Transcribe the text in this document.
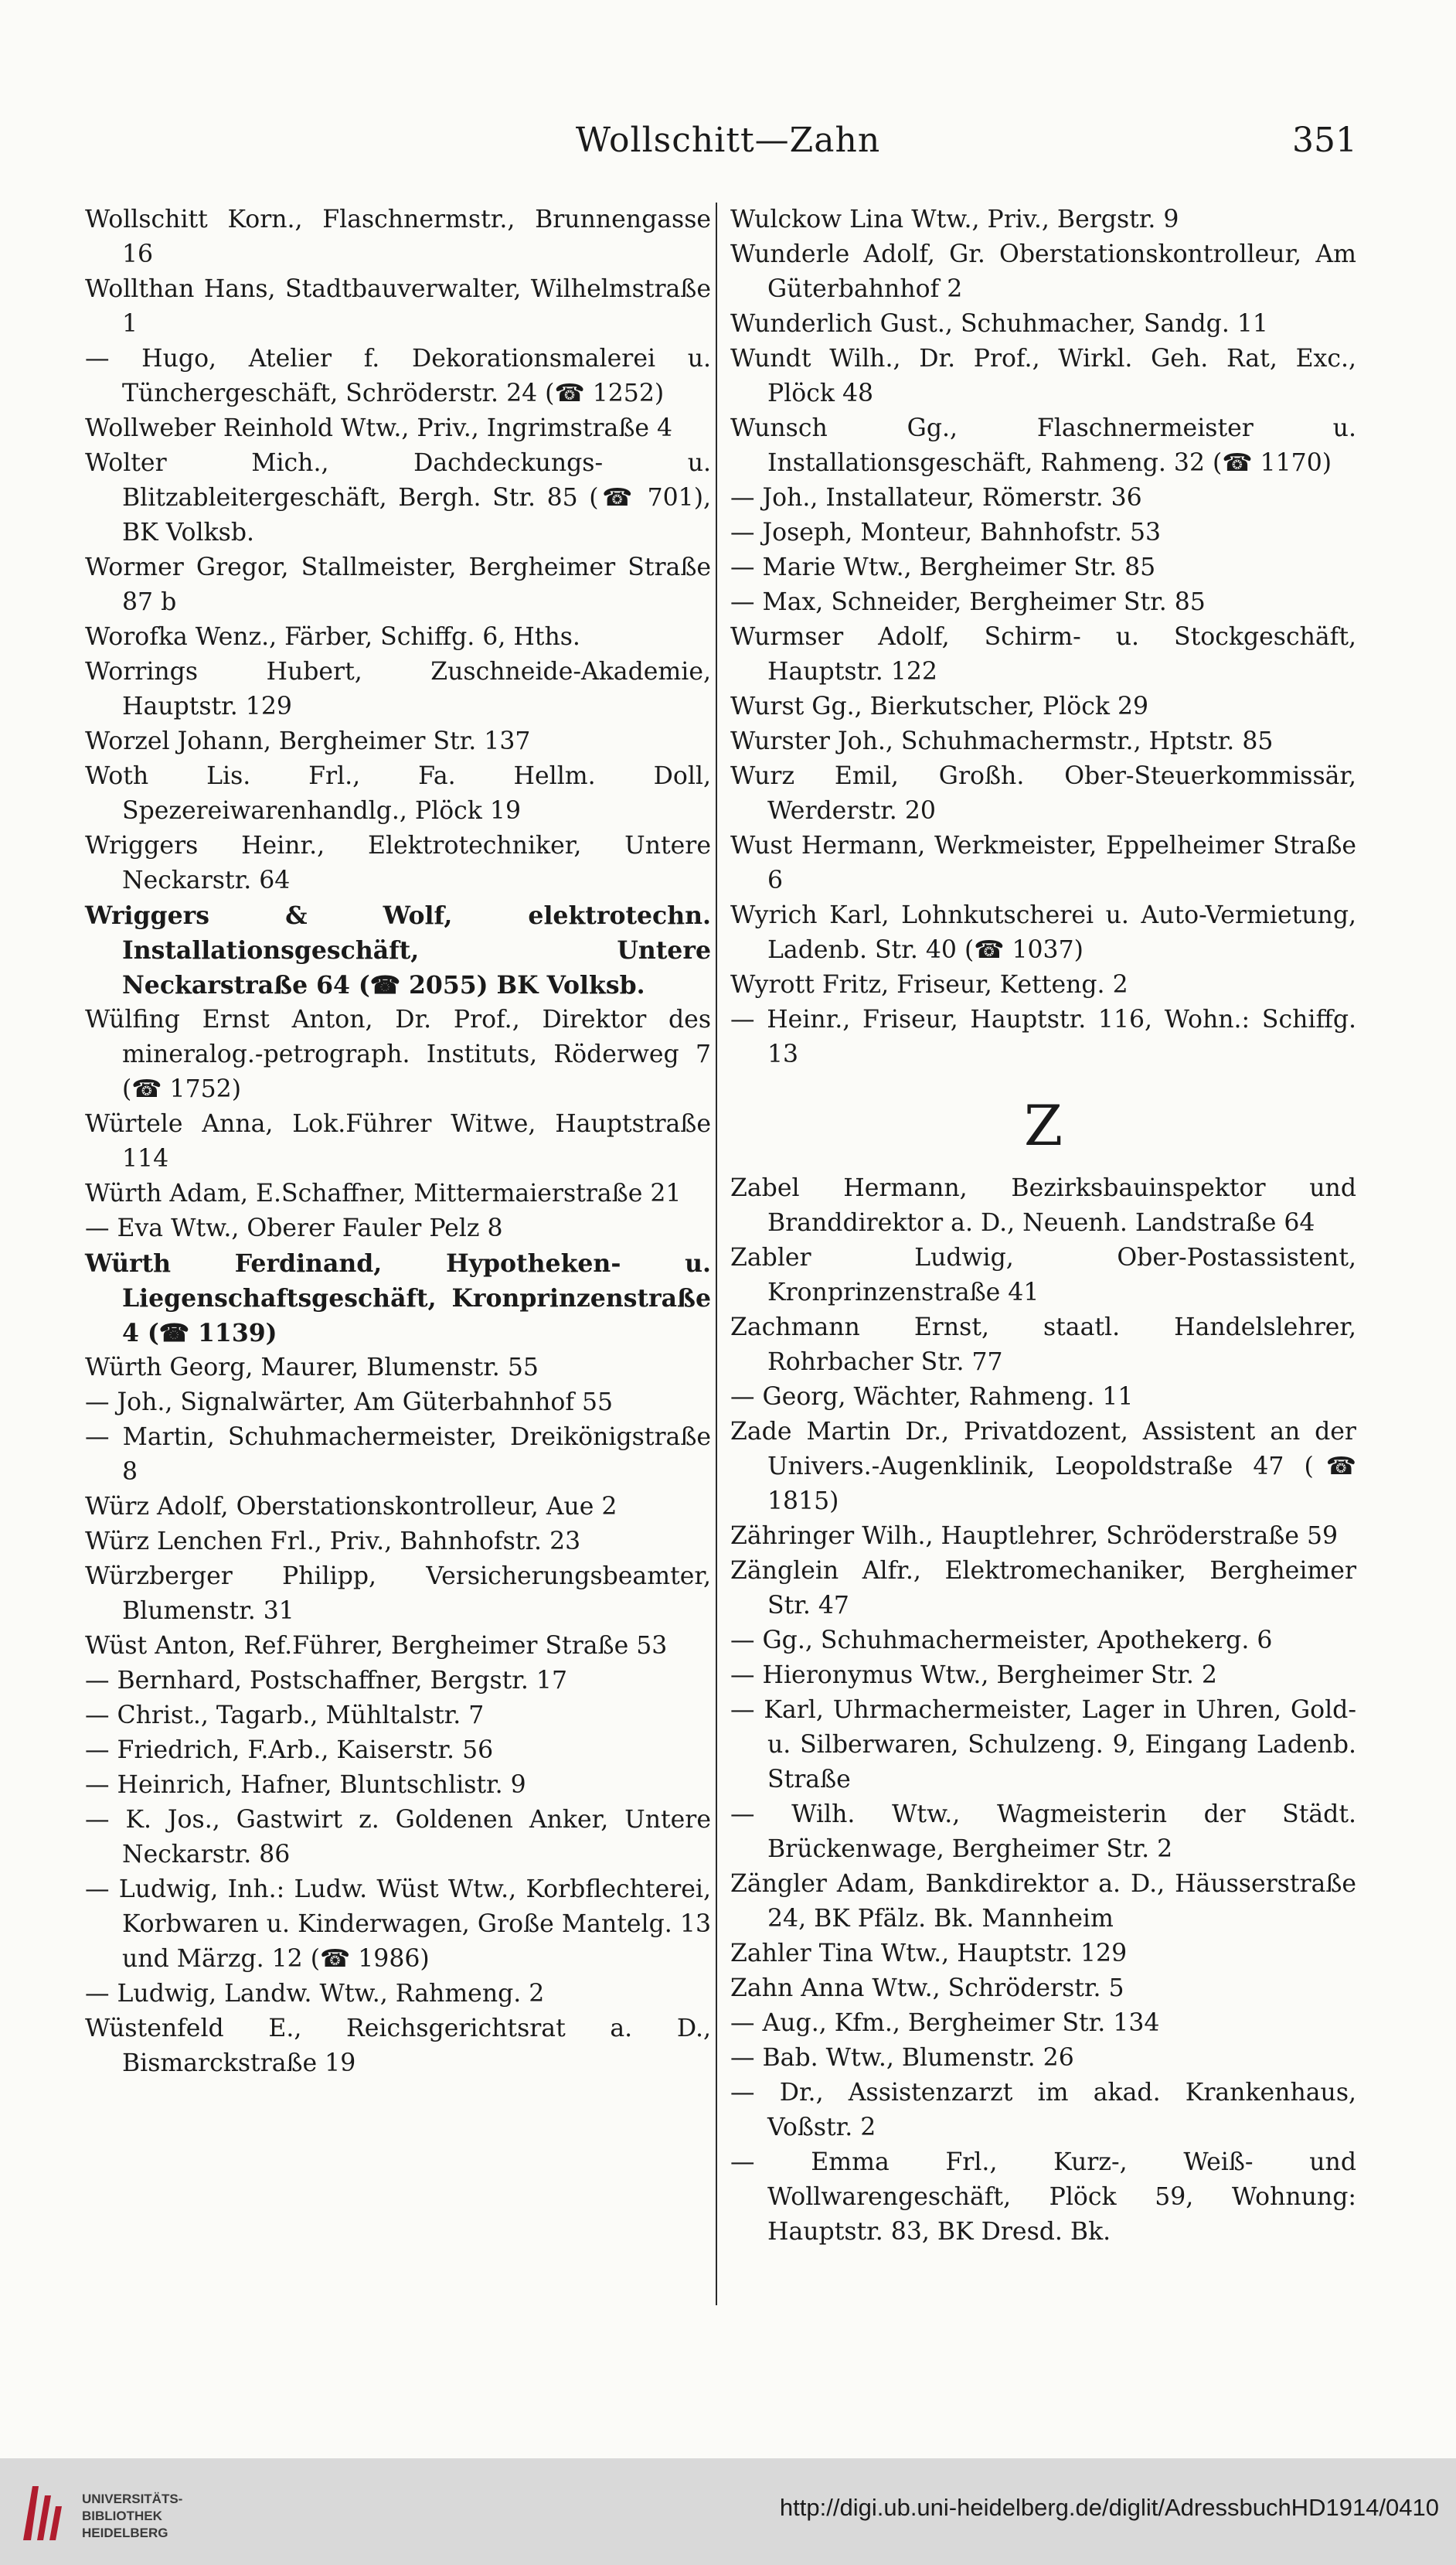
Wollschitt—Zahn	351

Wollschitt Korn., Flaschnermstr., Brunnengasse 16

Wollthan Hans, Stadtbauverwalter, Wilhelmstraße 1

— Hugo, Atelier f. Dekorationsmalerei u. Tünchergeschäft, Schröderstr. 24 (☎ 1252)

Wollweber Reinhold Wtw., Priv., Ingrimstraße 4

Wolter Mich., Dachdeckungs- u. Blitzableitergeschäft, Bergh. Str. 85 (☎ 701), BK Volksb.

Wormer Gregor, Stallmeister, Bergheimer Straße 87 b

Worofka Wenz., Färber, Schiffg. 6, Hths.

Worrings Hubert, Zuschneide-Akademie, Hauptstr. 129

Worzel Johann, Bergheimer Str. 137

Woth Lis. Frl., Fa. Hellm. Doll, Spezereiwarenhandlg., Plöck 19

Wriggers Heinr., Elektrotechniker, Untere Neckarstr. 64

Wriggers & Wolf, elektrotechn. Installationsgeschäft, Untere Neckarstraße 64 (☎ 2055) BK Volksb.

Wülfing Ernst Anton, Dr. Prof., Direktor des mineralog.-petrograph. Instituts, Röderweg 7 (☎ 1752)

Würtele Anna, Lok.Führer Witwe, Hauptstraße 114

Würth Adam, E.Schaffner, Mittermaierstraße 21

— Eva Wtw., Oberer Fauler Pelz 8

Würth Ferdinand, Hypotheken- u. Liegenschaftsgeschäft, Kronprinzenstraße 4 (☎ 1139)

Würth Georg, Maurer, Blumenstr. 55

— Joh., Signalwärter, Am Güterbahnhof 55

— Martin, Schuhmachermeister, Dreikönigstraße 8

Würz Adolf, Oberstationskontrolleur, Aue 2

Würz Lenchen Frl., Priv., Bahnhofstr. 23

Würzberger Philipp, Versicherungsbeamter, Blumenstr. 31

Wüst Anton, Ref.Führer, Bergheimer Straße 53

— Bernhard, Postschaffner, Bergstr. 17

— Christ., Tagarb., Mühltalstr. 7

— Friedrich, F.Arb., Kaiserstr. 56

— Heinrich, Hafner, Bluntschlistr. 9

— K. Jos., Gastwirt z. Goldenen Anker, Untere Neckarstr. 86

— Ludwig, Inh.: Ludw. Wüst Wtw., Korbflechterei, Korbwaren u. Kinderwagen, Große Mantelg. 13 und Märzg. 12 (☎ 1986)

— Ludwig, Landw. Wtw., Rahmeng. 2

Wüstenfeld E., Reichsgerichtsrat a. D., Bismarckstraße 19

Wulckow Lina Wtw., Priv., Bergstr. 9

Wunderle Adolf, Gr. Oberstationskontrolleur, Am Güterbahnhof 2

Wunderlich Gust., Schuhmacher, Sandg. 11

Wundt Wilh., Dr. Prof., Wirkl. Geh. Rat, Exc., Plöck 48

Wunsch Gg., Flaschnermeister u. Installationsgeschäft, Rahmeng. 32 (☎ 1170)

— Joh., Installateur, Römerstr. 36

— Joseph, Monteur, Bahnhofstr. 53

— Marie Wtw., Bergheimer Str. 85

— Max, Schneider, Bergheimer Str. 85

Wurmser Adolf, Schirm- u. Stockgeschäft, Hauptstr. 122

Wurst Gg., Bierkutscher, Plöck 29

Wurster Joh., Schuhmachermstr., Hptstr. 85

Wurz Emil, Großh. Ober-Steuerkommissär, Werderstr. 20

Wust Hermann, Werkmeister, Eppelheimer Straße 6

Wyrich Karl, Lohnkutscherei u. Auto-Vermietung, Ladenb. Str. 40 (☎ 1037)

Wyrott Fritz, Friseur, Ketteng. 2

— Heinr., Friseur, Hauptstr. 116, Wohn.: Schiffg. 13

Z

Zabel Hermann, Bezirksbauinspektor und Branddirektor a. D., Neuenh. Landstraße 64

Zabler Ludwig, Ober-Postassistent, Kronprinzenstraße 41

Zachmann Ernst, staatl. Handelslehrer, Rohrbacher Str. 77

— Georg, Wächter, Rahmeng. 11

Zade Martin Dr., Privatdozent, Assistent an der Univers.-Augenklinik, Leopoldstraße 47 (☎ 1815)

Zähringer Wilh., Hauptlehrer, Schröderstraße 59

Zänglein Alfr., Elektromechaniker, Bergheimer Str. 47

— Gg., Schuhmachermeister, Apothekerg. 6

— Hieronymus Wtw., Bergheimer Str. 2

— Karl, Uhrmachermeister, Lager in Uhren, Gold- u. Silberwaren, Schulzeng. 9, Eingang Ladenb. Straße

— Wilh. Wtw., Wagmeisterin der Städt. Brückenwage, Bergheimer Str. 2

Zängler Adam, Bankdirektor a. D., Häusserstraße 24, BK Pfälz. Bk. Mannheim

Zahler Tina Wtw., Hauptstr. 129

Zahn Anna Wtw., Schröderstr. 5

— Aug., Kfm., Bergheimer Str. 134

— Bab. Wtw., Blumenstr. 26

— Dr., Assistenzarzt im akad. Krankenhaus, Voßstr. 2

— Emma Frl., Kurz-, Weiß- und Wollwarengeschäft, Plöck 59, Wohnung: Hauptstr. 83, BK Dresd. Bk.

UNIVERSITÄTS-
BIBLIOTHEK
HEIDELBERG
http://digi.ub.uni-heidelberg.de/diglit/AdressbuchHD1914/0410
